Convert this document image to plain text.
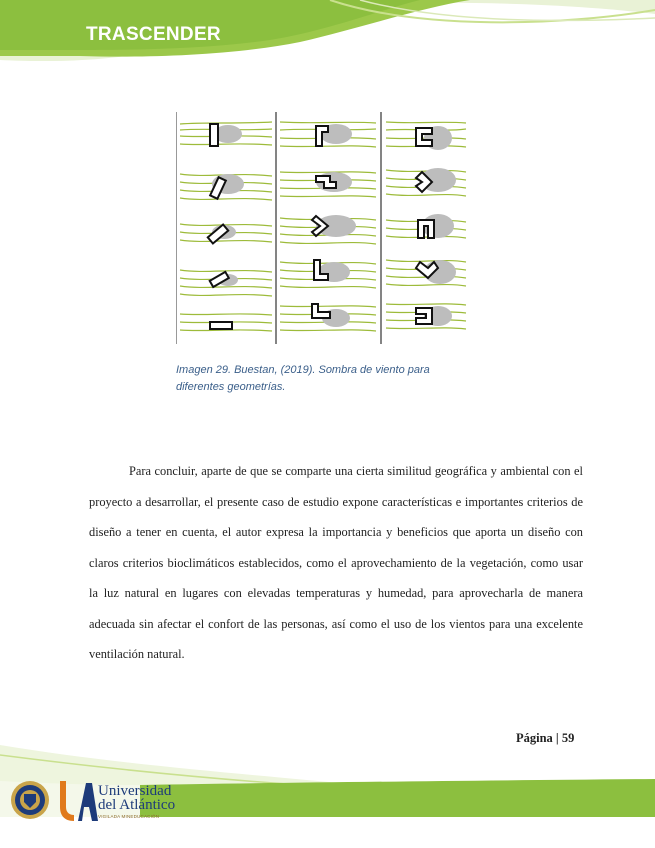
TRASCENDER
Imagen 29. Buestan, (2019). Sombra de viento para
diferentes geometrías.

Para concluir, aparte de que se comparte una cierta similitud geográfica y ambiental con el proyecto a desarrollar, el presente caso de estudio expone características e importantes criterios de diseño a tener en cuenta, el autor expresa la importancia y beneficios que aporta un diseño con claros criterios bioclimáticos establecidos, como el aprovechamiento de la vegetación, como usar la luz natural en lugares con elevadas temperaturas y humedad, para aprovecharla de manera adecuada sin afectar el confort de las personas, así como el uso de los vientos para una excelente ventilación natural.

Página | 59
Universidad
del Atlántico
VIGILADA MINEDUCACIÓN
